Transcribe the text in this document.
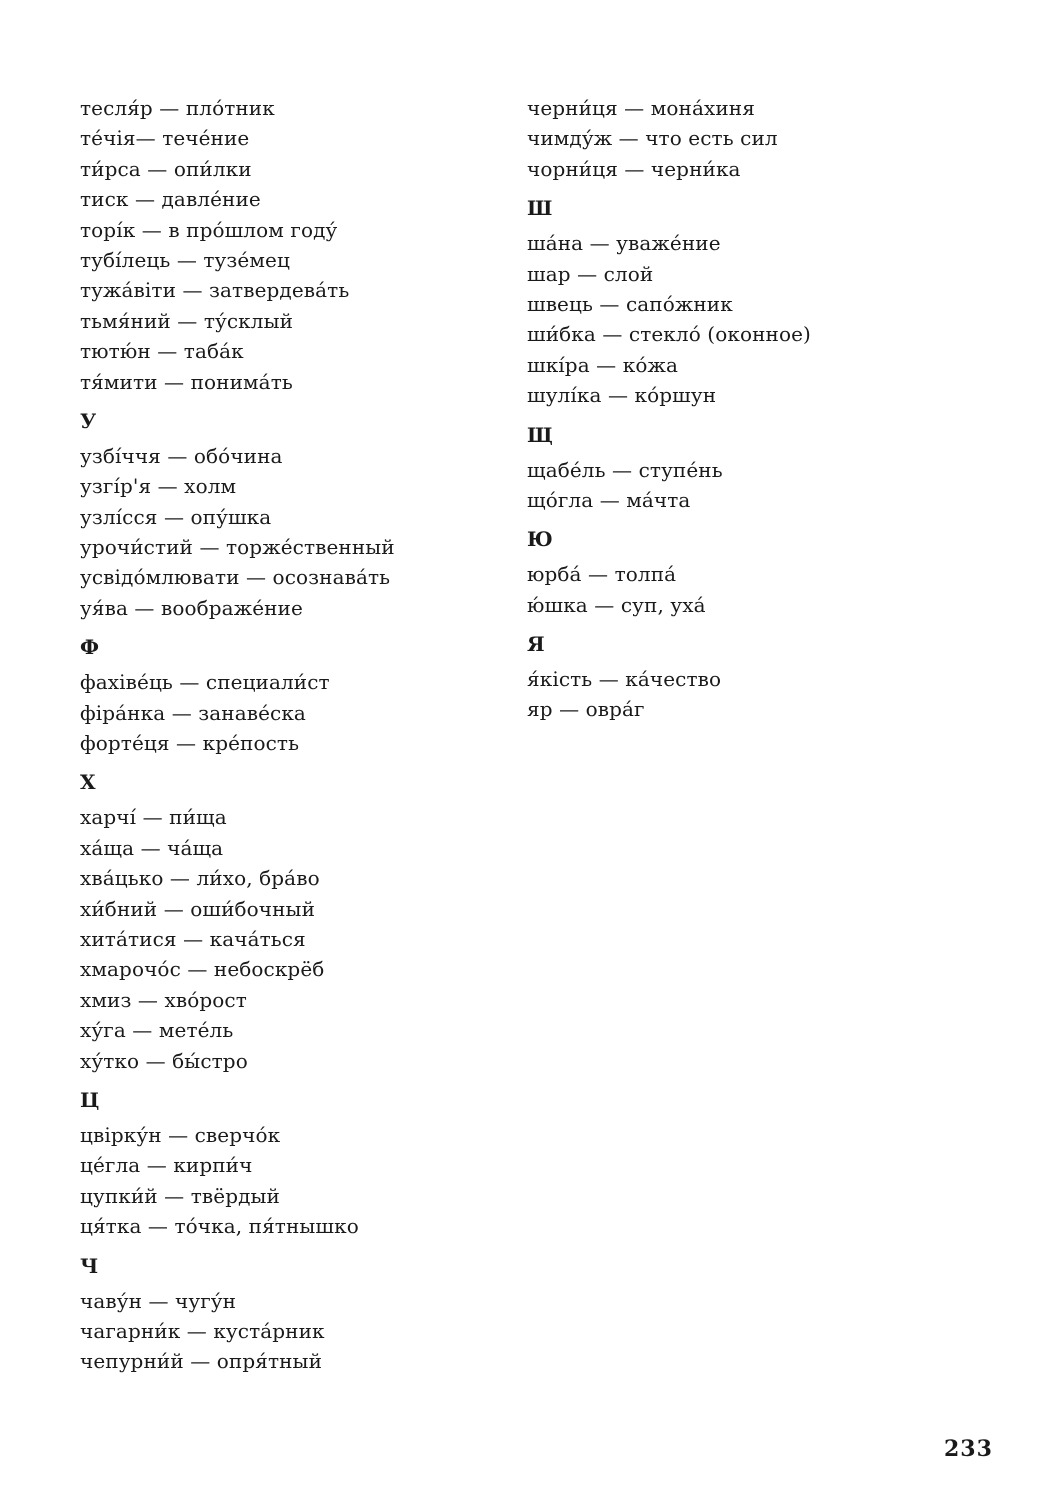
тесля́р — пло́тник
те́чія— тече́ние
ти́рса — опи́лки
тиск — давле́ние
торі́к — в про́шлом году́
тубі́лець — тузе́мец
тужа́віти — затвердева́ть
тьмя́ний — ту́склый
тютю́н — таба́к
тя́мити — понима́ть
У
узбі́ччя — обо́чина
узгі́р'я — холм
узлі́сся — опу́шка
урочи́стий — торже́ственный
усвідо́млювати — осознава́ть
уя́ва — воображе́ние
Ф
фахіве́ць — специали́ст
фіра́нка — занаве́ска
форте́ця — кре́пость
Х
харчі́ — пи́ща
ха́ща — ча́ща
хва́цько — ли́хо, бра́во
хи́бний — оши́бочный
хита́тися — кача́ться
хмарочо́с — небоскрёб
хмиз — хво́рост
ху́га — мете́ль
ху́тко — бы́стро
Ц
цвірку́н — сверчо́к
це́гла — кирпи́ч
цупки́й — твёрдый
ця́тка — то́чка, пя́тнышко
Ч
чаву́н — чугу́н
чагарни́к — куста́рник
чепурни́й — опря́тный
черни́ця — мона́хиня
чимду́ж — что есть сил
чорни́ця — черни́ка
Ш
ша́на — уваже́ние
шар — слой
швець — сапо́жник
ши́бка — стекло́ (оконное)
шкі́ра — ко́жа
шулі́ка — ко́ршун
Щ
щабе́ль — ступе́нь
що́гла — ма́чта
Ю
юрба́ — толпа́
ю́шка — суп, уха́
Я
я́кість — ка́чество
яр — овра́г
233
